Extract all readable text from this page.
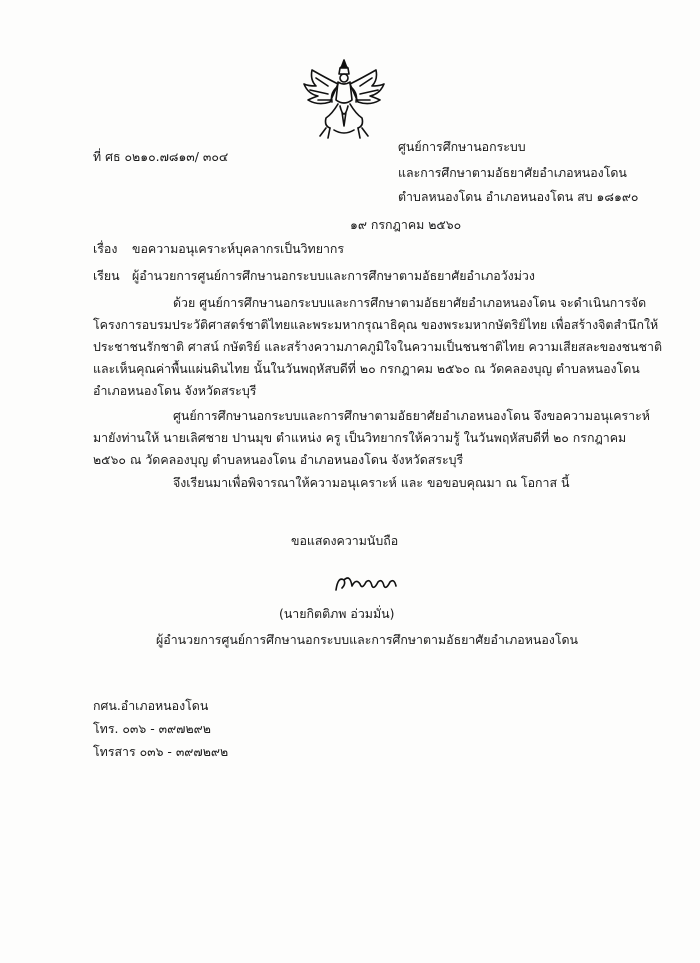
ที่ ศธ ๐๒๑๐.๗๘๑๓/ ๓๐๔
ศูนย์การศึกษานอกระบบ
และการศึกษาตามอัธยาศัยอำเภอหนองโดน
ตำบลหนองโดน อำเภอหนองโดน สบ ๑๘๑๙๐
๑๙ กรกฎาคม ๒๕๖๐
เรื่อง ขอความอนุเคราะห์บุคลากรเป็นวิทยากร
เรียน ผู้อำนวยการศูนย์การศึกษานอกระบบและการศึกษาตามอัธยาศัยอำเภอวังม่วง

ด้วย ศูนย์การศึกษานอกระบบและการศึกษาตามอัธยาศัยอำเภอหนองโดน จะดำเนินการจัด

โครงการอบรมประวัติศาสตร์ชาติไทยและพระมหากรุณาธิคุณ ของพระมหากษัตริย์ไทย เพื่อสร้างจิตสำนึกให้

ประชาชนรักชาติ ศาสน์ กษัตริย์ และสร้างความภาคภูมิใจในความเป็นชนชาติไทย ความเสียสละของชนชาติ

และเห็นคุณค่าพื้นแผ่นดินไทย นั้นในวันพฤหัสบดีที่ ๒๐ กรกฎาคม ๒๕๖๐ ณ วัดคลองบุญ ตำบลหนองโดน

อำเภอหนองโดน จังหวัดสระบุรี

ศูนย์การศึกษานอกระบบและการศึกษาตามอัธยาศัยอำเภอหนองโดน จึงขอความอนุเคราะห์

มายังท่านให้ นายเลิศชาย ปานมุข ตำแหน่ง ครู เป็นวิทยากรให้ความรู้ ในวันพฤหัสบดีที่ ๒๐ กรกฎาคม

๒๕๖๐ ณ วัดคลองบุญ ตำบลหนองโดน อำเภอหนองโดน จังหวัดสระบุรี

จึงเรียนมาเพื่อพิจารณาให้ความอนุเคราะห์ และ ขอขอบคุณมา ณ โอกาส นี้
ขอแสดงความนับถือ
(นายกิตติภพ อ่วมมั่น)
ผู้อำนวยการศูนย์การศึกษานอกระบบและการศึกษาตามอัธยาศัยอำเภอหนองโดน
กศน.อำเภอหนองโดน
โทร. ๐๓๖ - ๓๙๗๒๙๒
โทรสาร ๐๓๖ - ๓๙๗๒๙๒
